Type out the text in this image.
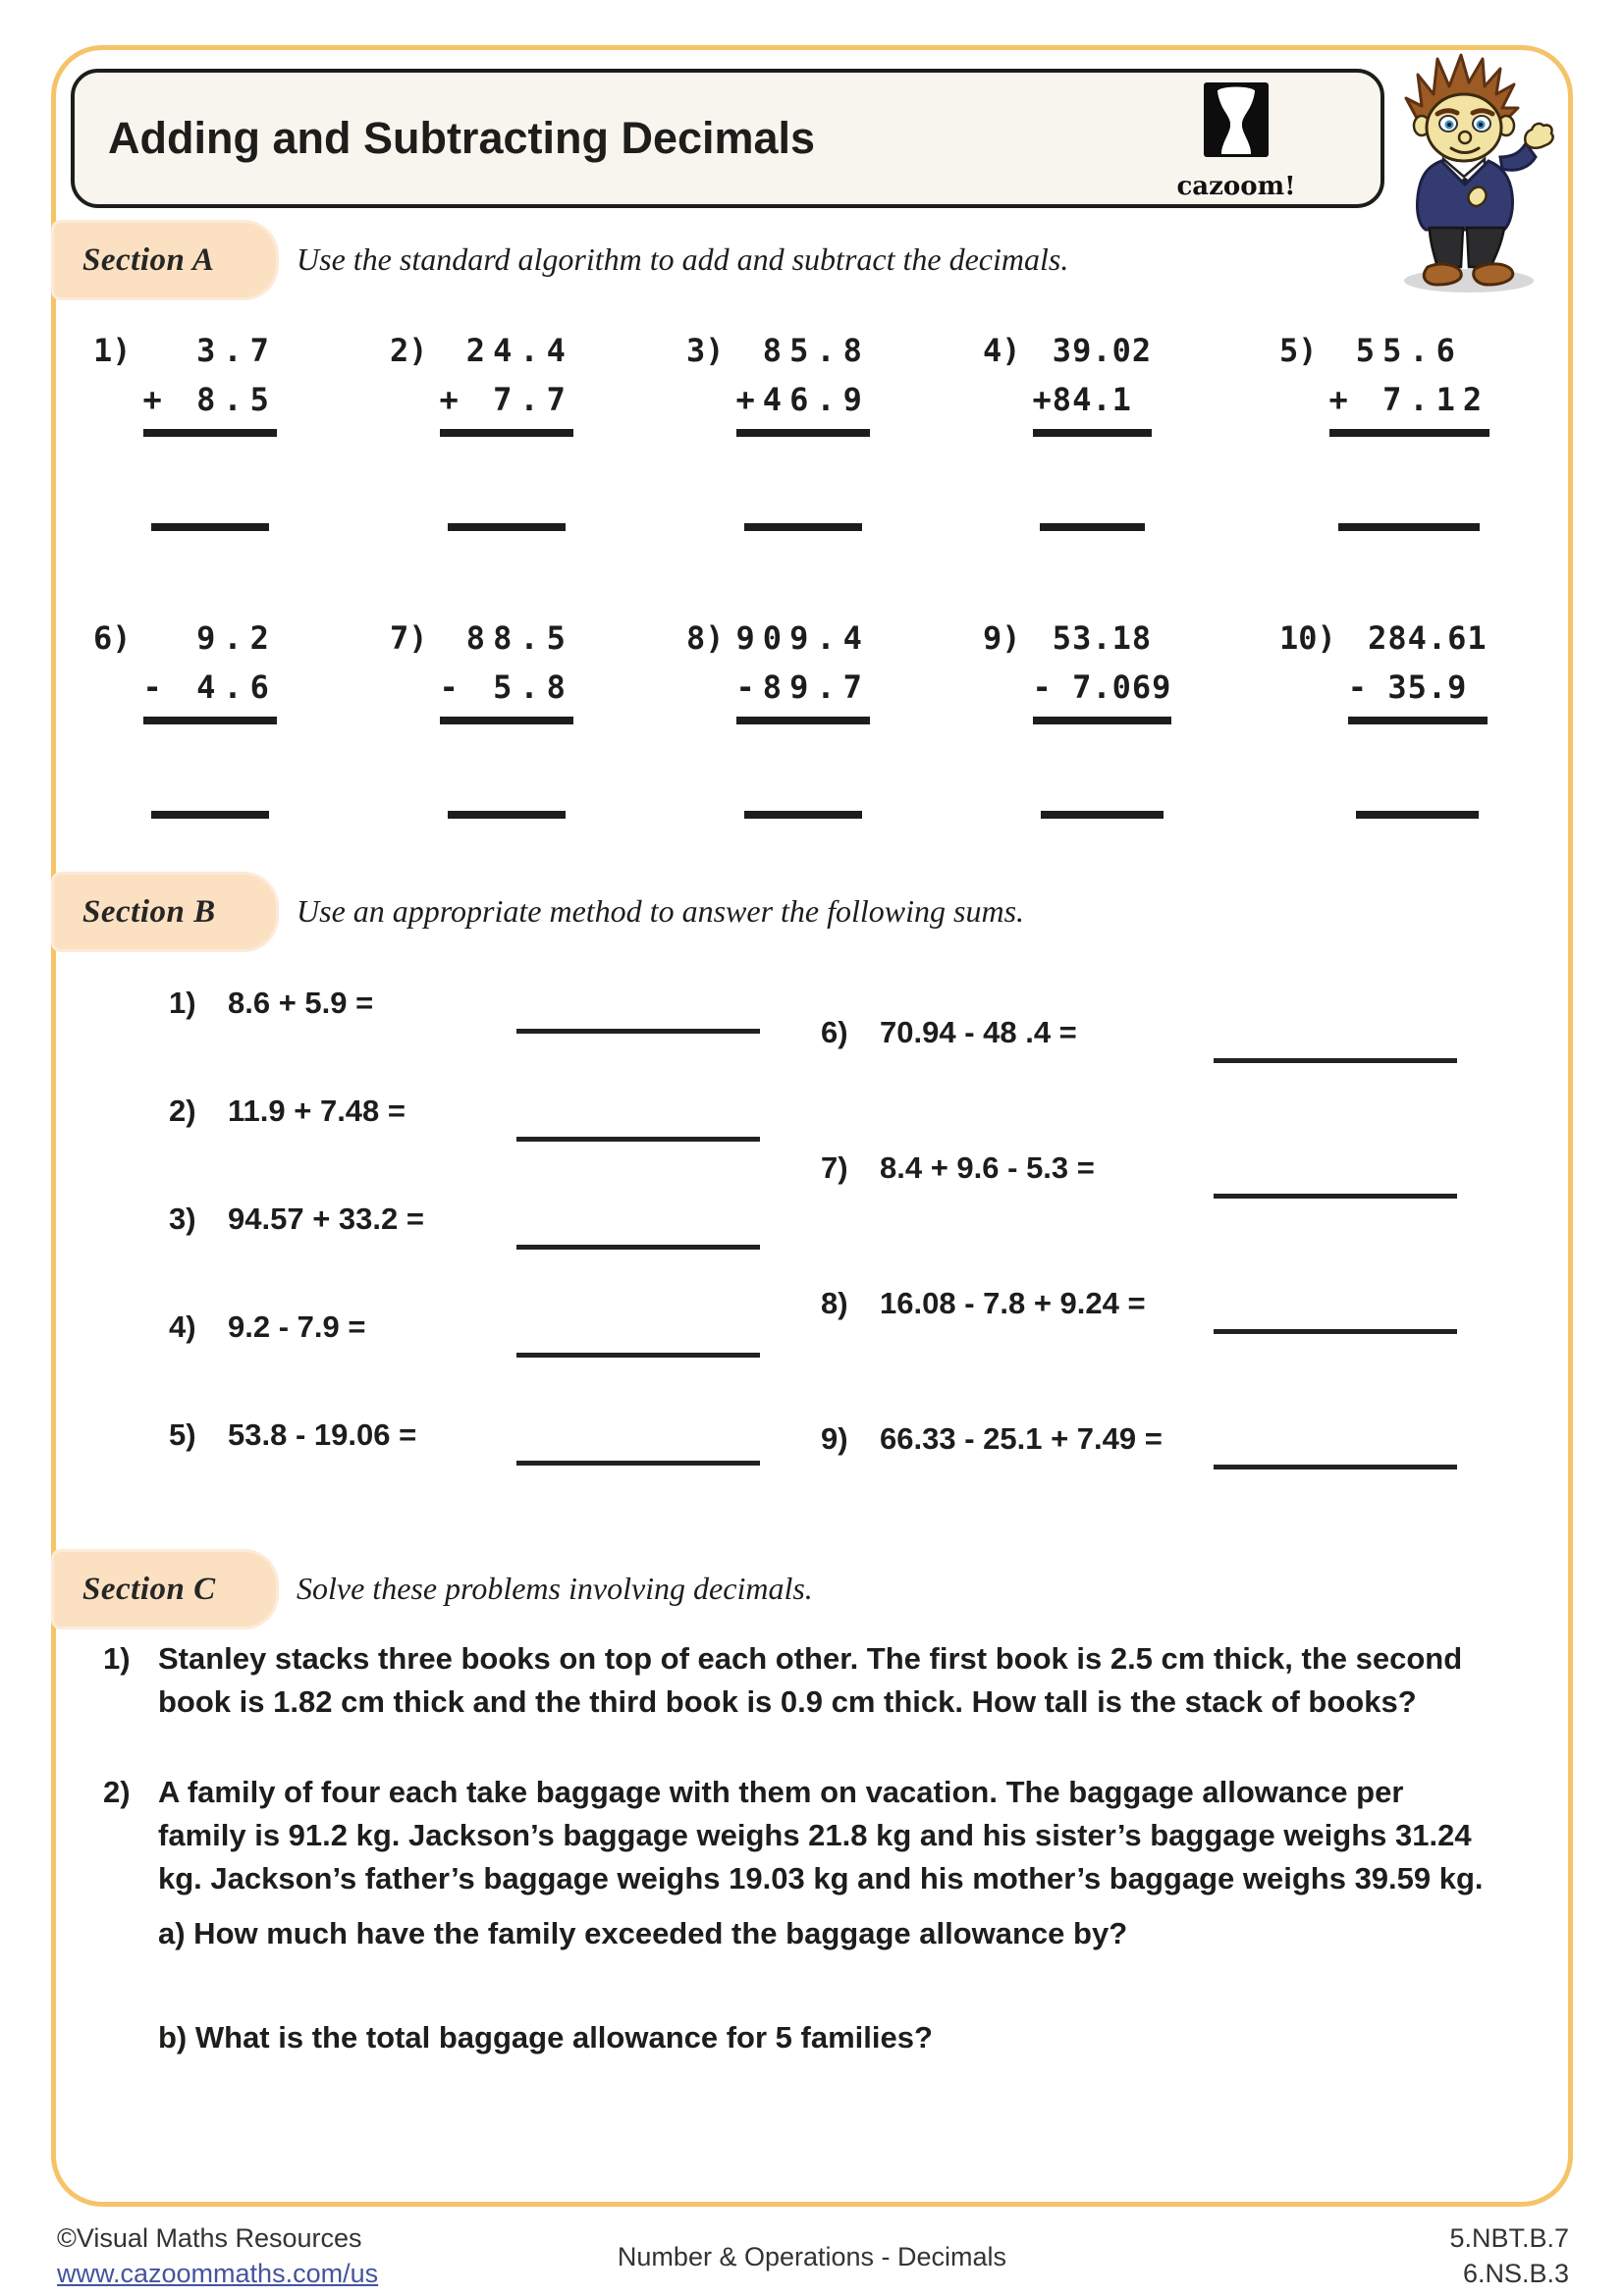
Adding and Subtracting Decimals
cazoom!
Section A	Use the standard algorithm to add and subtract the decimals.
1)	3.7
+ 8.5
2)	24.4
+ 7.7
3)	85.8
+46.9
4)	39.02
+84.1
5)	55.6
+ 7.12
6)	9.2
- 4.6
7)	88.5
- 5.8
8) 909.4
-89.7
9)	53.18
- 7.069
10)	284.61
- 35.9
Section B	Use an appropriate method to answer the following sums.
1)	8.6 + 5.9 =
2)	11.9 + 7.48 =
3)	94.57 + 33.2 =
4)	9.2 - 7.9 =
5)	53.8 - 19.06 =
6)	70.94 - 48 .4 =
7)	8.4 + 9.6 - 5.3 =
8)	16.08 - 7.8 + 9.24 =
9)	66.33 - 25.1 + 7.49 =
Section C	Solve these problems involving decimals.
1) Stanley stacks three books on top of each other. The first book is 2.5 cm thick, the second book is 1.82 cm thick and the third book is 0.9 cm thick. How tall is the stack of books?

2) A family of four each take baggage with them on vacation. The baggage allowance per family is 91.2 kg. Jackson’s baggage weighs 21.8 kg and his sister’s baggage weighs 31.24 kg. Jackson’s father’s baggage weighs 19.03 kg and his mother’s baggage weighs 39.59 kg.

a) How much have the family exceeded the baggage allowance by?

b) What is the total baggage allowance for 5 families?

©Visual Maths Resources
www.cazoommaths.com/us
Number & Operations - Decimals
5.NBT.B.7
6.NS.B.3
